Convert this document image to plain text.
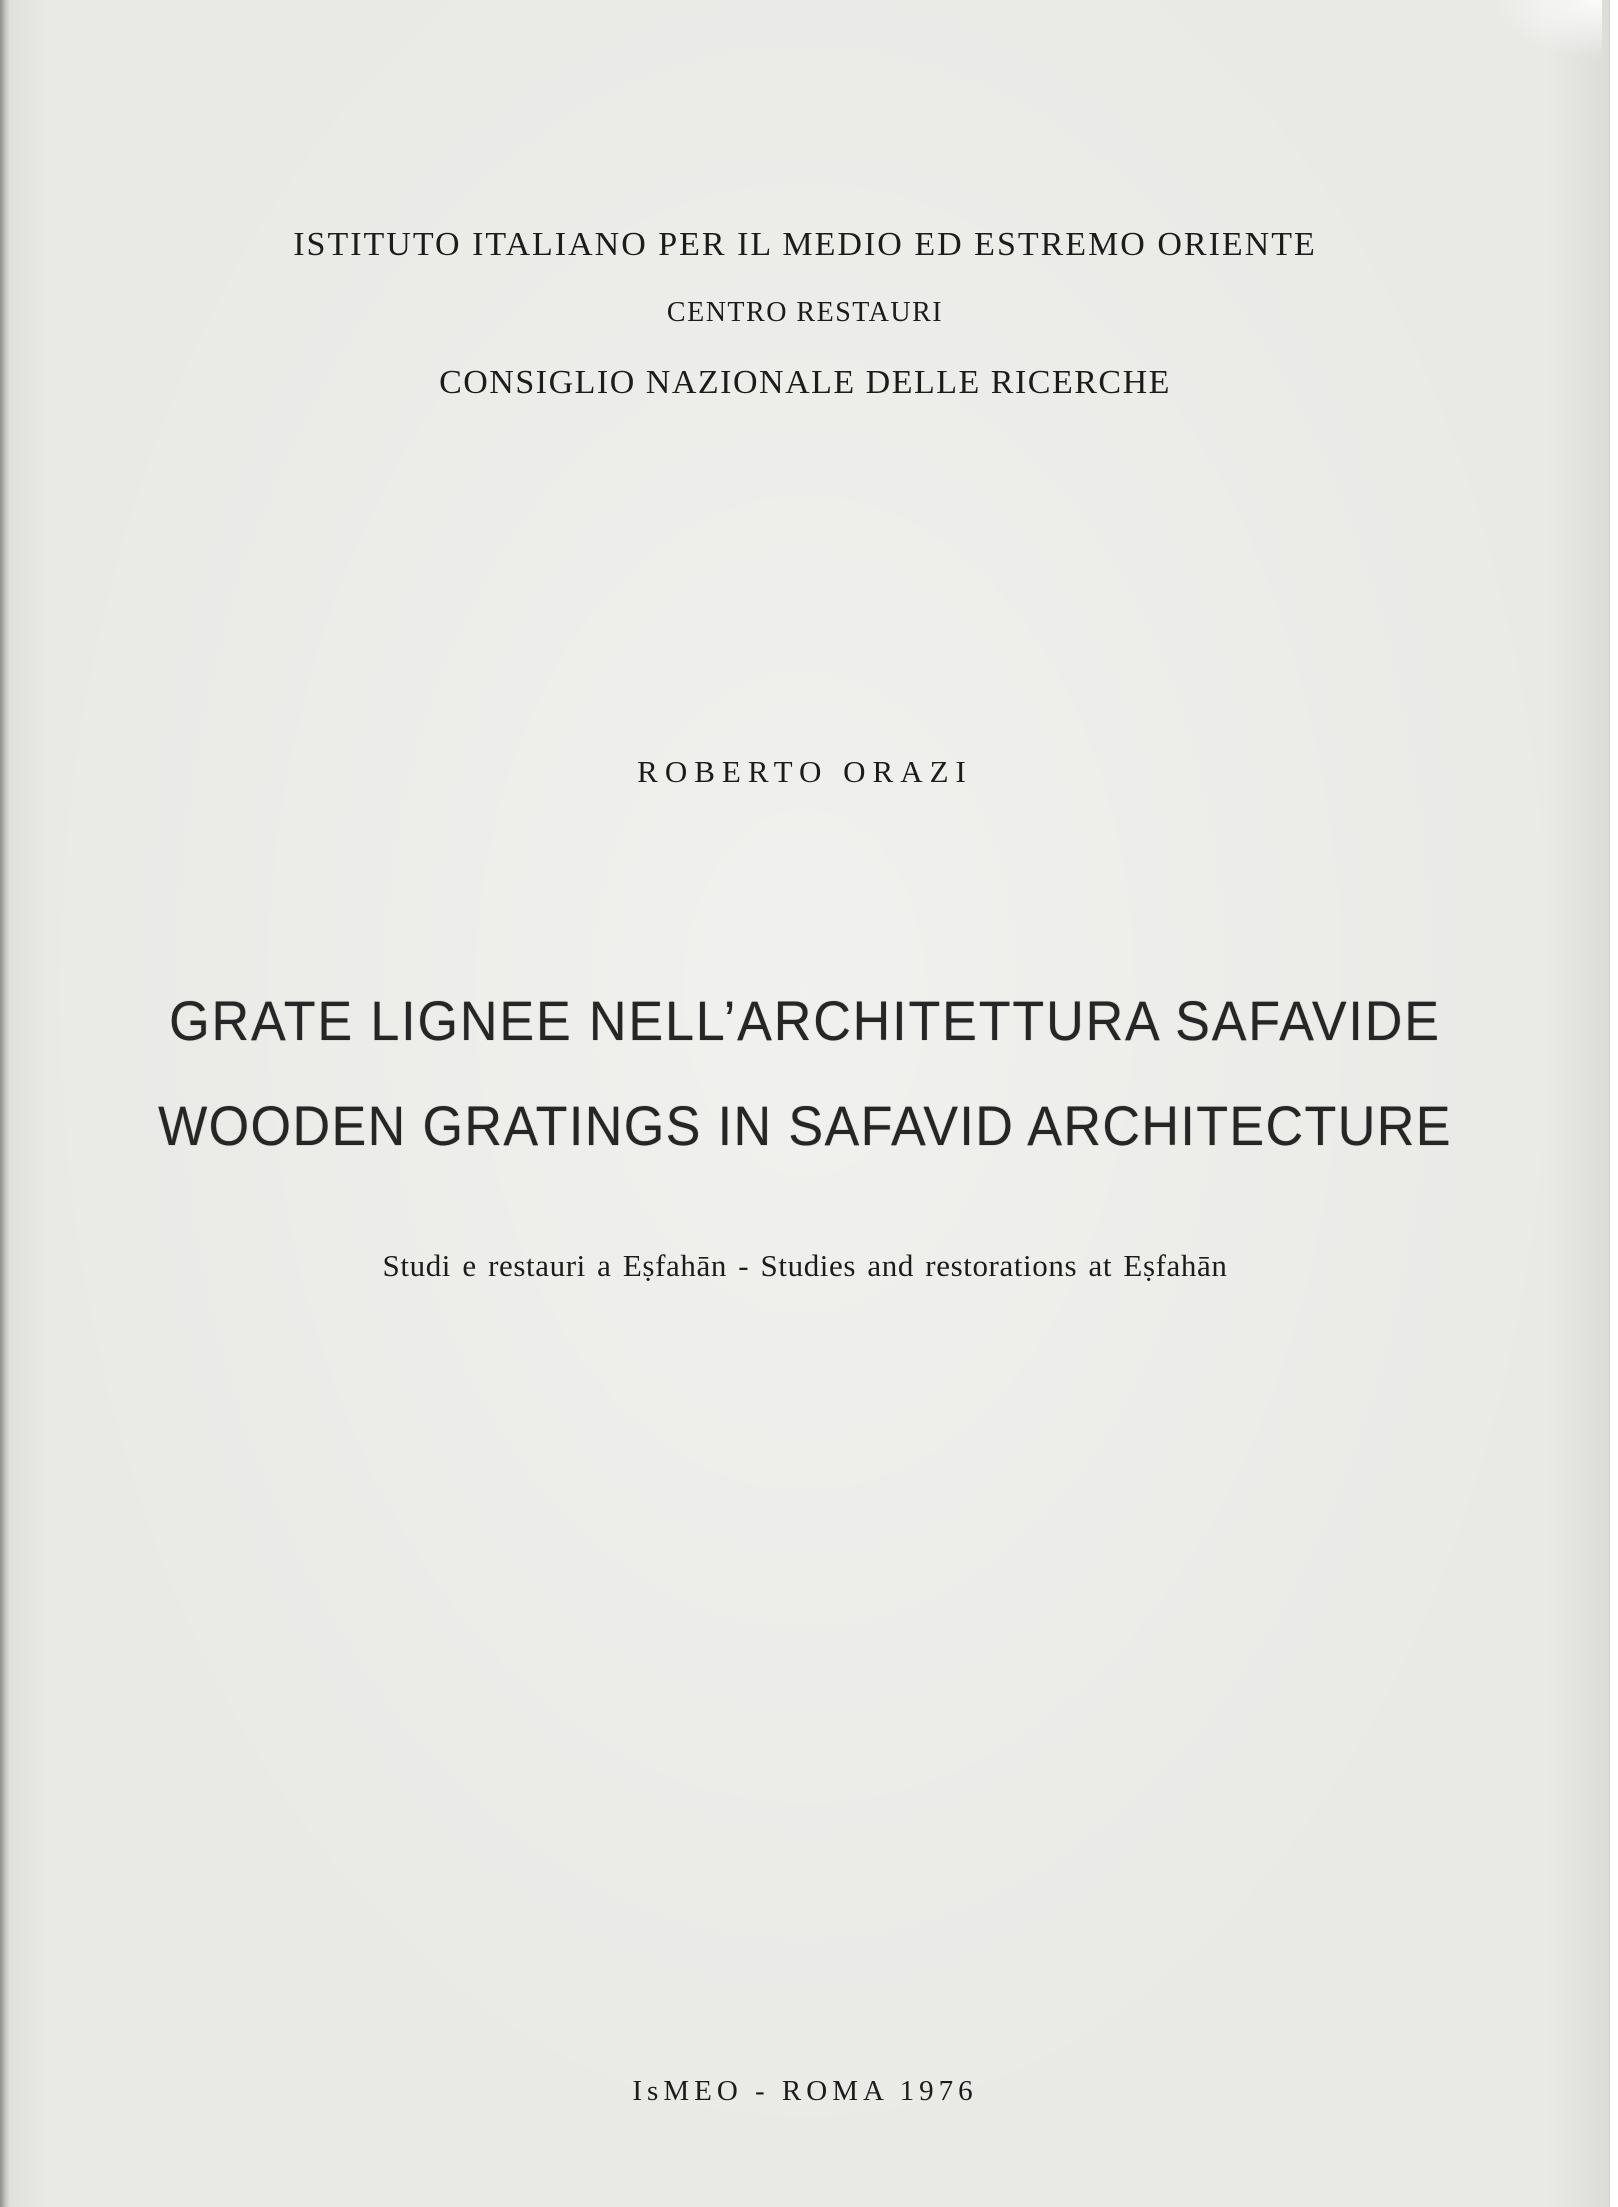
ISTITUTO ITALIANO PER IL MEDIO ED ESTREMO ORIENTE
CENTRO RESTAURI
CONSIGLIO NAZIONALE DELLE RICERCHE
ROBERTO ORAZI
GRATE LIGNEE NELL’ARCHITETTURA SAFAVIDE
WOODEN GRATINGS IN SAFAVID ARCHITECTURE
Studi e restauri a Eṣfahān - Studies and restorations at Eṣfahān
IsMEO - ROMA 1976
